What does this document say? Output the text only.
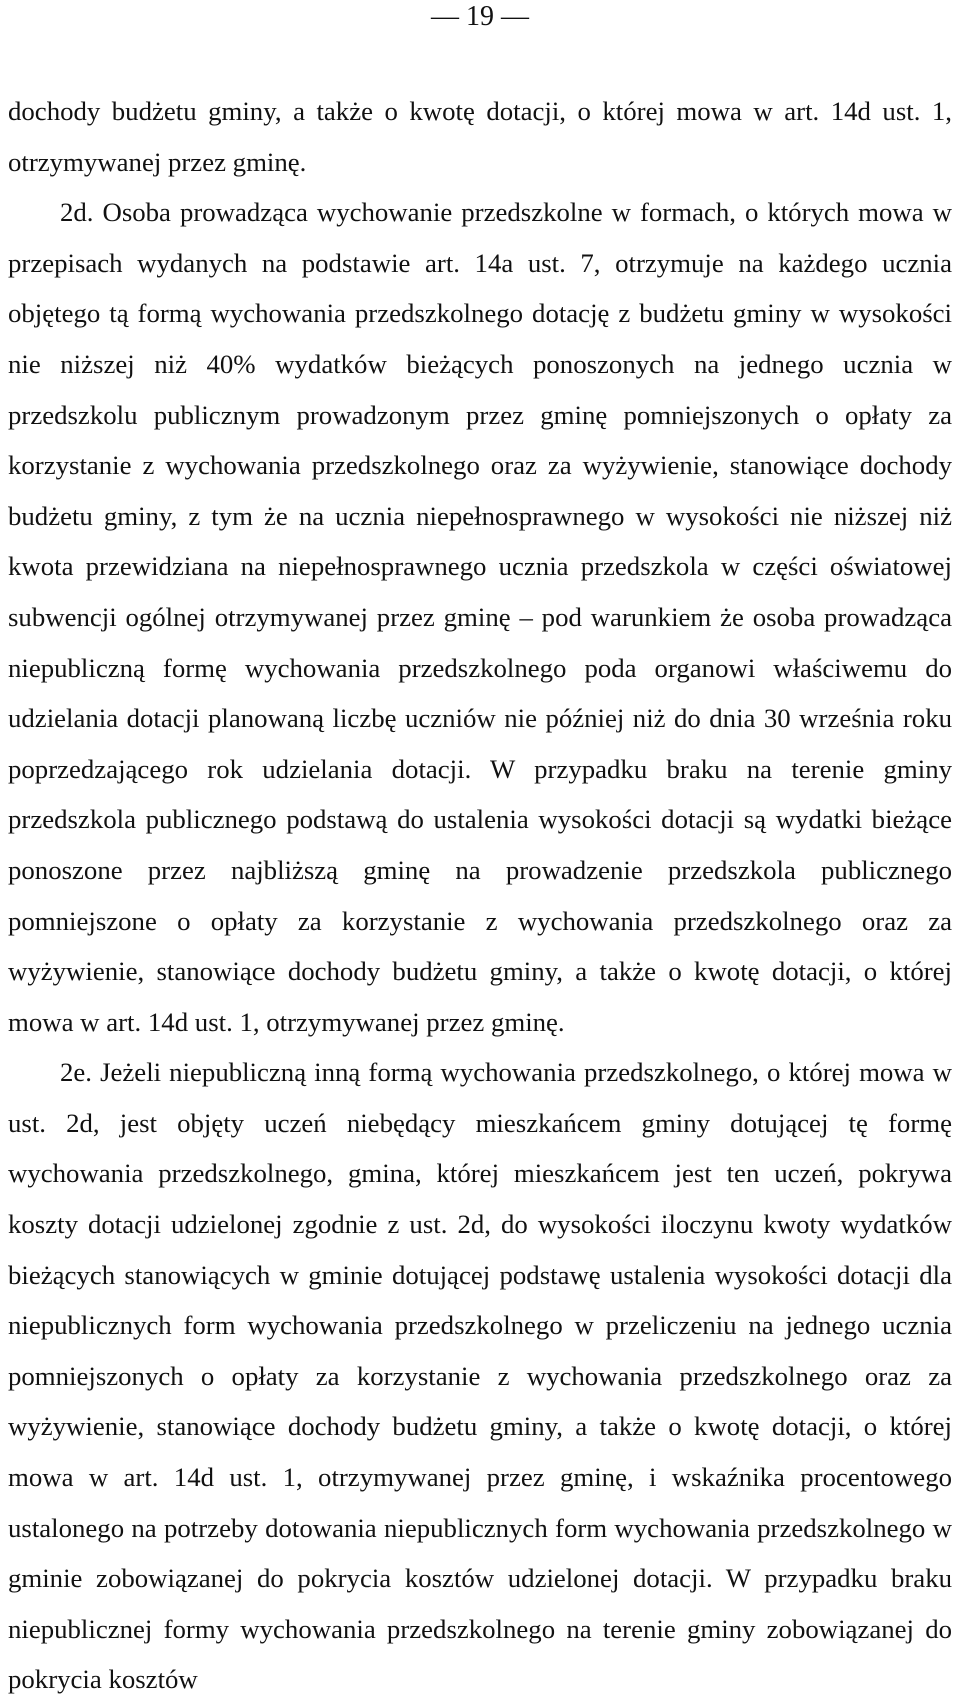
— 19 —

dochody budżetu gminy, a także o kwotę dotacji, o której mowa w art. 14d ust. 1, otrzymywanej przez gminę.

2d. Osoba prowadząca wychowanie przedszkolne w formach, o których mowa w przepisach wydanych na podstawie art. 14a ust. 7, otrzymuje na każdego ucznia objętego tą formą wychowania przedszkolnego dotację z budżetu gminy w wysokości nie niższej niż 40% wydatków bieżących ponoszonych na jednego ucznia w przedszkolu publicznym prowadzonym przez gminę pomniejszonych o opłaty za korzystanie z wychowania przedszkolnego oraz za wyżywienie, stanowiące dochody budżetu gminy, z tym że na ucznia niepełnosprawnego w wysokości nie niższej niż kwota przewidziana na niepełnosprawnego ucznia przedszkola w części oświatowej subwencji ogólnej otrzymywanej przez gminę – pod warunkiem że osoba prowadząca niepubliczną formę wychowania przedszkolnego poda organowi właściwemu do udzielania dotacji planowaną liczbę uczniów nie później niż do dnia 30 września roku poprzedzającego rok udzielania dotacji. W przypadku braku na terenie gminy przedszkola publicznego podstawą do ustalenia wysokości dotacji są wydatki bieżące ponoszone przez najbliższą gminę na prowadzenie przedszkola publicznego pomniejszone o opłaty za korzystanie z wychowania przedszkolnego oraz za wyżywienie, stanowiące dochody budżetu gminy, a także o kwotę dotacji, o której mowa w art. 14d ust. 1, otrzymywanej przez gminę.

2e. Jeżeli niepubliczną inną formą wychowania przedszkolnego, o której mowa w ust. 2d, jest objęty uczeń niebędący mieszkańcem gminy dotującej tę formę wychowania przedszkolnego, gmina, której mieszkańcem jest ten uczeń, pokrywa koszty dotacji udzielonej zgodnie z ust. 2d, do wysokości iloczynu kwoty wydatków bieżących stanowiących w gminie dotującej podstawę ustalenia wysokości dotacji dla niepublicznych form wychowania przedszkolnego w przeliczeniu na jednego ucznia pomniejszonych o opłaty za korzystanie z wychowania przedszkolnego oraz za wyżywienie, stanowiące dochody budżetu gminy, a także o kwotę dotacji, o której mowa w art. 14d ust. 1, otrzymywanej przez gminę, i wskaźnika procentowego ustalonego na potrzeby dotowania niepublicznych form wychowania przedszkolnego w gminie zobowiązanej do pokrycia kosztów udzielonej dotacji. W przypadku braku niepublicznej formy wychowania przedszkolnego na terenie gminy zobowiązanej do pokrycia kosztów
